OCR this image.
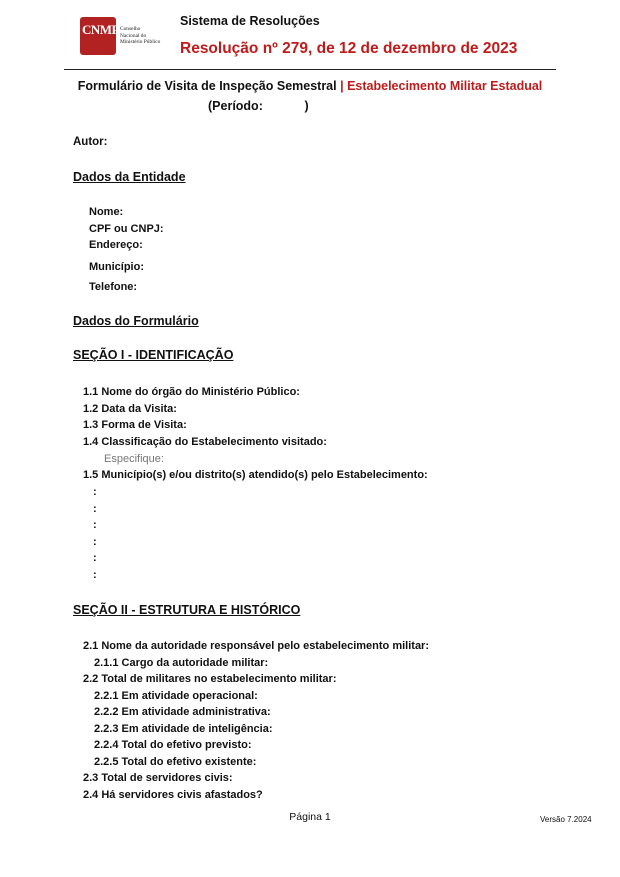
CNMP Conselho
Nacional do
Ministério Público
Sistema de Resoluções
Resolução nº 279, de 12 de dezembro de 2023
Formulário de Visita de Inspeção Semestral | Estabelecimento Militar Estadual
(Período:            )
Autor:
Dados da Entidade
Nome:
CPF ou CNPJ:
Endereço:
Município:
Telefone:
Dados do Formulário
SEÇÃO I - IDENTIFICAÇÃO
1.1 Nome do órgão do Ministério Público:
1.2 Data da Visita:
1.3 Forma de Visita:
1.4 Classificação do Estabelecimento visitado:
Especifique:
1.5 Município(s) e/ou distrito(s) atendido(s) pelo Estabelecimento:
:
:
:
:
:
:
SEÇÃO II - ESTRUTURA E HISTÓRICO
2.1 Nome da autoridade responsável pelo estabelecimento militar:
2.1.1 Cargo da autoridade militar:
2.2 Total de militares no estabelecimento militar:
2.2.1 Em atividade operacional:
2.2.2 Em atividade administrativa:
2.2.3 Em atividade de inteligência:
2.2.4 Total do efetivo previsto:
2.2.5 Total do efetivo existente:
2.3 Total de servidores civis:
2.4 Há servidores civis afastados?
Página 1	Versão 7.2024
